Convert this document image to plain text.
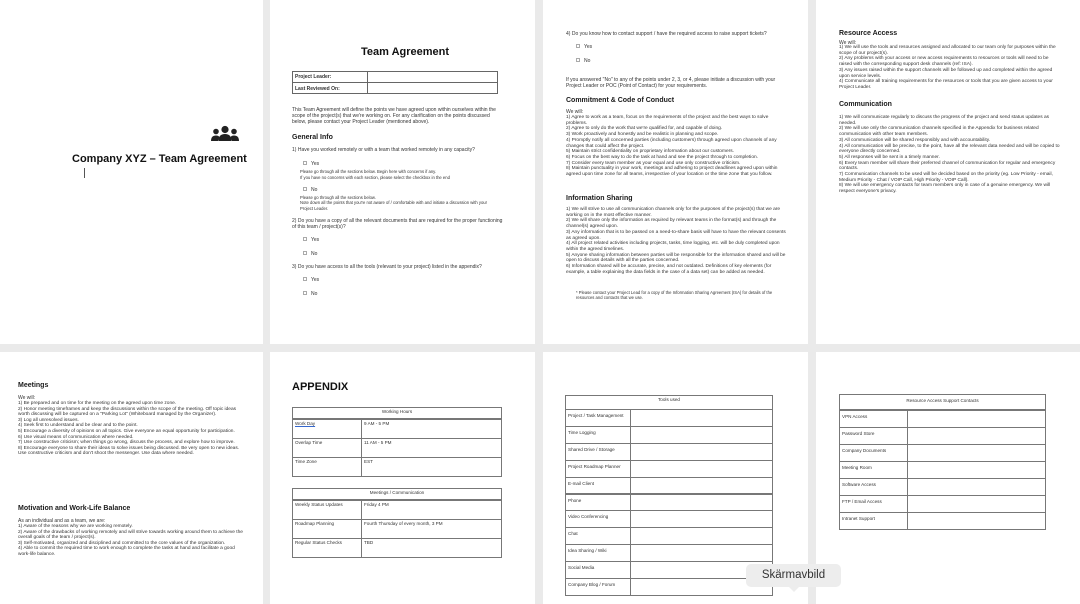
Company XYZ – Team Agreement
Team Agreement
Project Leader:
Last Reviewed On:
This Team Agreement will define the points we have agreed upon within ourselves within the scope of the project(s) that we're working on. For any clarification on the points discussed below, please contact your Project Leader (mentioned above).
General Info
1) Have you worked remotely or with a team that worked remotely in any capacity?
Yes
Please go through all the sections below. Begin here with concerns if any.
If you have no concerns with each section, please select the checkbox in the end
No
Please go through all the sections below.
Note down all the points that you're not aware of / comfortable with and initiate a discussion with your Project Leader.
2) Do you have a copy of all the relevant documents that are required for the proper functioning of this team / project(s)?
Yes
No
3) Do you have access to all the tools (relevant to your project) listed in the appendix?
Yes
No
4) Do you know how to contact support / have the required access to raise support tickets?
Yes
No
If you answered "No" to any of the points under 2, 3, or 4, please initiate a discussion with your Project Leader or POC (Point of Contact) for your requirements.
Commitment & Code of Conduct
We will:
1) Agree to work as a team, focus on the requirements of the project and the best ways to solve problems.
2) Agree to only do the work that we're qualified for, and capable of doing.
3) Work proactively and honestly and be realistic in planning and scope.
4) Promptly notify all concerned parties (including customers) through agreed upon channels of any changes that could affect the project.
5) Maintain strict confidentiality on proprietary information about our customers.
6) Focus on the best way to do the task at hand and see the project through to completion.
7) Consider every team member as your equal and use only constructive criticism.
8) Maintain punctuality in your work, meetings and adhering to project deadlines agreed upon within agreed upon time zone for all teams, irrespective of your location or the time zone that you follow.
Information Sharing
1) We will strive to use all communication channels only for the purposes of the project(s) that we are working on in the most effective manner.
2) We will share only the information as required by relevant teams in the format(s) and through the channel(s) agreed upon.
3) Any information that is to be passed on a need-to-share basis will have to have the relevant consents as agreed upon.
4) All project related activities including projects, tasks, time logging, etc. will be duly completed upon within the agreed timelines.
5) Anyone sharing information between parties will be responsible for the information shared and will be open to discuss details with all the parties concerned.
6) Information shared will be accurate, precise, and not outdated. Definitions of key elements (for example, a table explaining the data fields in the case of a data set) can be added as needed.
* Please contact your Project Lead for a copy of the Information Sharing Agreement (ISA) for details of the resources and contacts that we use.
Resource Access
We will:
1) We will use the tools and resources assigned and allocated to our team only for purposes within the scope of our project(s).
2) Any problems with your access or new access requirements to resources or tools will need to be raised with the corresponding support desk channels (ref: ISA).
3) Any issues raised within the support channels will be followed up and completed within the agreed upon service levels.
4) Communicate all training requirements for the resources or tools that you are given access to your Project Leader.
Communication
1) We will communicate regularly to discuss the progress of the project and send status updates as needed.
2) We will use only the communication channels specified in the Appendix for business related communication with other team members.
3) All communication will be shared responsibly and with accountability.
4) All communication will be precise, to the point, have all the relevant data needed and will be copied to everyone directly concerned.
5) All responses will be sent in a timely manner.
6) Every team member will share their preferred channel of communication for regular and emergency contacts.
7) Communication channels to be used will be decided based on the priority (eg. Low Priority - email, Medium Priority - Chat / VOIP Call, High Priority - VOIP Call).
8) We will use emergency contacts for team members only in case of a genuine emergency. We will respect everyone's privacy.
Meetings
We will:
1) Be prepared and on time for the meeting on the agreed upon time zone.
2) Honor meeting timeframes and keep the discussions within the scope of the meeting. Off topic ideas worth discussing will be captured on a "Parking Lot" (Whiteboard managed by the Organizer).
3) Log all unresolved issues.
4) Seek first to understand and be clear and to the point.
5) Encourage a diversity of opinions on all topics. Give everyone an equal opportunity for participation.
6) Use visual means of communication where needed.
7) Use constructive criticism; when things go wrong, discuss the process, and explore how to improve.
8) Encourage everyone to share their ideas to solve issues being discussed. Be very open to new ideas. Use constructive criticism and don't shoot the messenger. Use data where needed.
Motivation and Work-Life Balance
As an individual and as a team, we are:
1) Aware of the reasons why we are working remotely.
2) Aware of the drawbacks of working remotely and will strive towards working around them to achieve the overall goals of the team / project(s).
3) Self-motivated, organized and disciplined and committed to the core values of the organization.
4) Able to commit the required time to work enough to complete the tasks at hand and facilitate a good work-life balance.
APPENDIX
Working Hours
Work Day	9 AM - 5 PM
Overlap Time	11 AM - 5 PM
Time Zone	EST
Meetings / Communication
Weekly Status Updates	Friday 4 PM
Roadmap Planning	Fourth Thursday of every month, 3 PM
Regular Status Checks	TBD
Tools used
Project / Task Management
Time Logging
Shared Drive / Storage
Project Roadmap Planner
E-mail Client
Phone
Video Conferencing
Chat
Idea Sharing / Wiki
Social Media
Company Blog / Forum
Resource Access Support Contacts
VPN Access
Password Store
Company Documents
Meeting Room
Software Access
FTP / Email Access
Intranet Support
Skärmavbild
